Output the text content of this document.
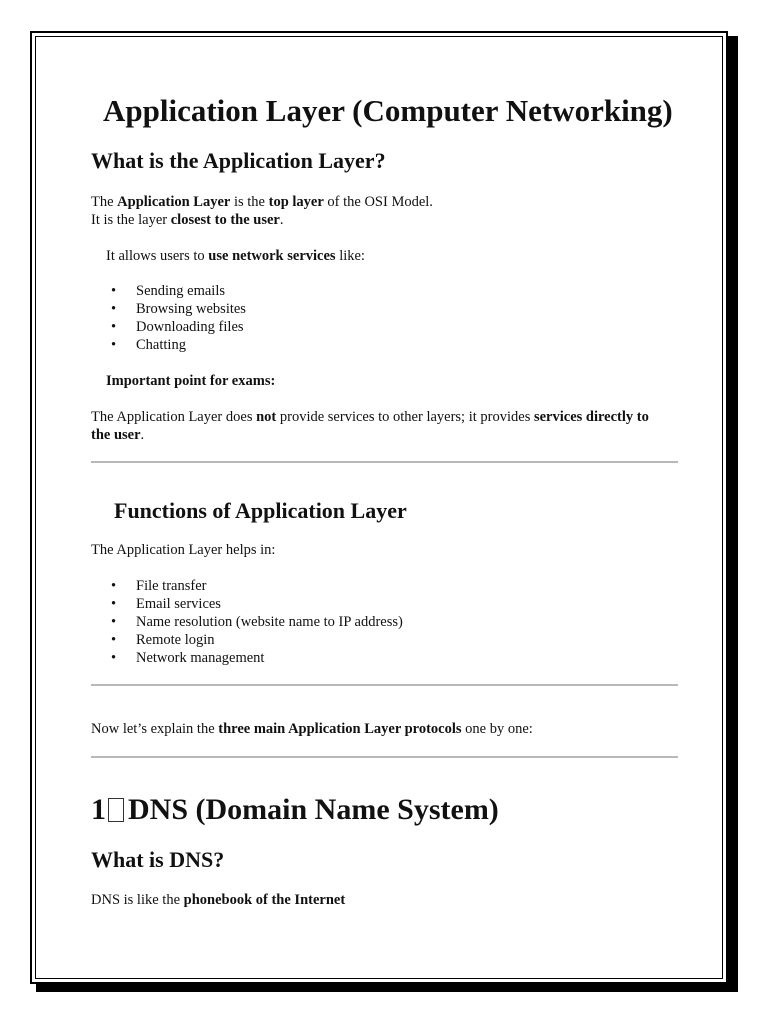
Application Layer (Computer Networking)
What is the Application Layer?

The Application Layer is the top layer of the OSI Model.
It is the layer closest to the user.

It allows users to use network services like:

• Sending emails
• Browsing websites
• Downloading files
• Chatting

Important point for exams:

The Application Layer does not provide services to other layers; it provides services directly to
the user.

Functions of Application Layer

The Application Layer helps in:

• File transfer
• Email services
• Name resolution (website name to IP address)
• Remote login
• Network management

Now let’s explain the three main Application Layer protocols one by one:

1 DNS (Domain Name System)
What is DNS?

DNS is like the phonebook of the Internet
